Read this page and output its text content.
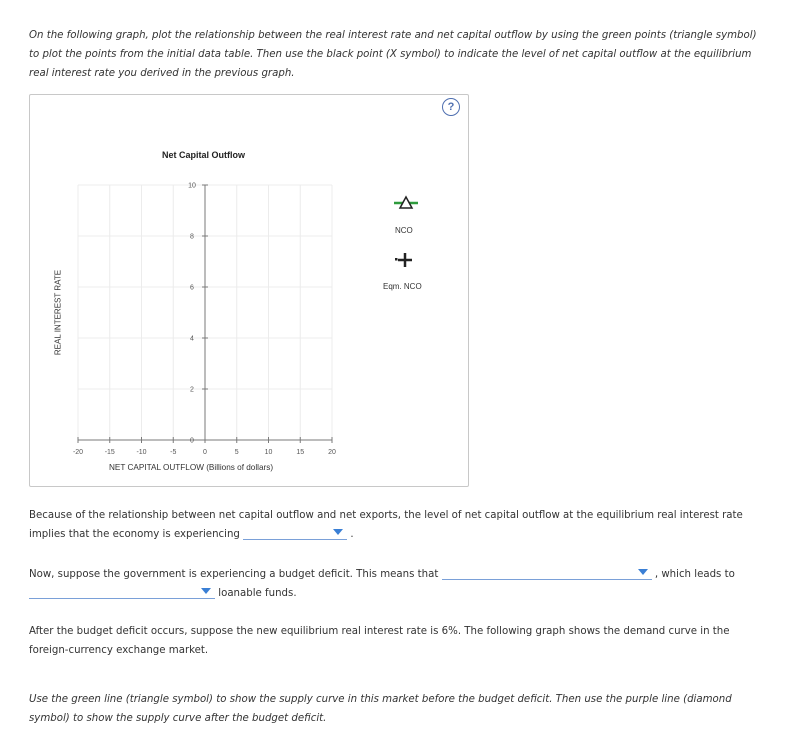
On the following graph, plot the relationship between the real interest rate and net capital outflow by using the green points (triangle symbol) to plot the points from the initial data table. Then use the black point (X symbol) to indicate the level of net capital outflow at the equilibrium real interest rate you derived in the previous graph.

?
Net Capital Outflow
REAL INTEREST RATE
NET CAPITAL OUTFLOW (Billions of dollars)
-20	-15	-10	-5	0	5	10	15	20
10
8
6
4
2
0
NCO
Eqm. NCO
Because of the relationship between net capital outflow and net exports, the level of net capital outflow at the equilibrium real interest rate implies that the economy is experiencing	.
Now, suppose the government is experiencing a budget deficit. This means that	, which leads to

loanable funds.

After the budget deficit occurs, suppose the new equilibrium real interest rate is 6%. The following graph shows the demand curve in the foreign-currency exchange market.

Use the green line (triangle symbol) to show the supply curve in this market before the budget deficit. Then use the purple line (diamond symbol) to show the supply curve after the budget deficit.
